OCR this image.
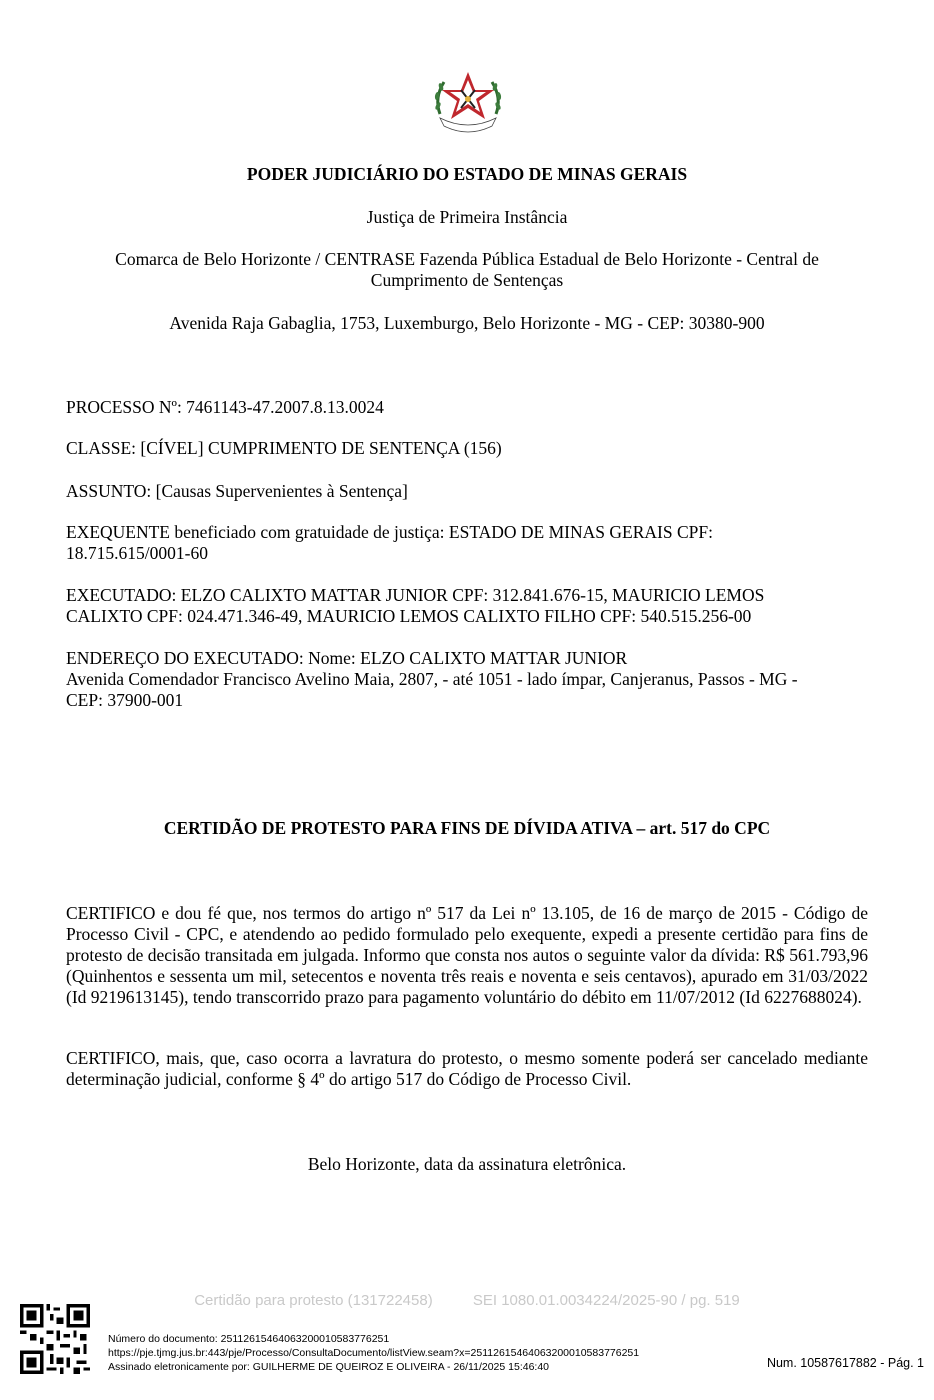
PODER JUDICIÁRIO DO ESTADO DE MINAS GERAIS
Justiça de Primeira Instância
Comarca de Belo Horizonte / CENTRASE Fazenda Pública Estadual de Belo Horizonte - Central de
Cumprimento de Sentenças
Avenida Raja Gabaglia, 1753, Luxemburgo, Belo Horizonte - MG - CEP: 30380-900
PROCESSO Nº: 7461143-47.2007.8.13.0024
CLASSE: [CÍVEL] CUMPRIMENTO DE SENTENÇA (156)
ASSUNTO: [Causas Supervenientes à Sentença]
EXEQUENTE beneficiado com gratuidade de justiça: ESTADO DE MINAS GERAIS CPF:
18.715.615/0001-60
EXECUTADO: ELZO CALIXTO MATTAR JUNIOR CPF: 312.841.676-15, MAURICIO LEMOS
CALIXTO CPF: 024.471.346-49, MAURICIO LEMOS CALIXTO FILHO CPF: 540.515.256-00
ENDEREÇO DO EXECUTADO: Nome: ELZO CALIXTO MATTAR JUNIOR
Avenida Comendador Francisco Avelino Maia, 2807, - até 1051 - lado ímpar, Canjeranus, Passos - MG -
CEP: 37900-001
CERTIDÃO DE PROTESTO PARA FINS DE DÍVIDA ATIVA – art. 517 do CPC
CERTIFICO e dou fé que, nos termos do artigo nº 517 da Lei nº 13.105, de 16 de março de 2015 - Código de Processo Civil - CPC, e atendendo ao pedido formulado pelo exequente, expedi a presente certidão para fins de protesto de decisão transitada em julgada. Informo que consta nos autos o seguinte valor da dívida: R$ 561.793,96 (Quinhentos e sessenta um mil, setecentos e noventa três reais e noventa e seis centavos), apurado em 31/03/2022 (Id 9219613145), tendo transcorrido prazo para pagamento voluntário do débito em 11/07/2012 (Id 6227688024).
CERTIFICO, mais, que, caso ocorra a lavratura do protesto, o mesmo somente poderá ser cancelado mediante determinação judicial, conforme § 4º do artigo 517 do Código de Processo Civil.
Belo Horizonte, data da assinatura eletrônica.
Certidão para protesto (131722458)	SEI 1080.01.0034224/2025-90 / pg. 519
Número do documento: 25112615464063200010583776251
https://pje.tjmg.jus.br:443/pje/Processo/ConsultaDocumento/listView.seam?x=25112615464063200010583776251
Assinado eletronicamente por: GUILHERME DE QUEIROZ E OLIVEIRA - 26/11/2025 15:46:40	Num. 10587617882 - Pág. 1
